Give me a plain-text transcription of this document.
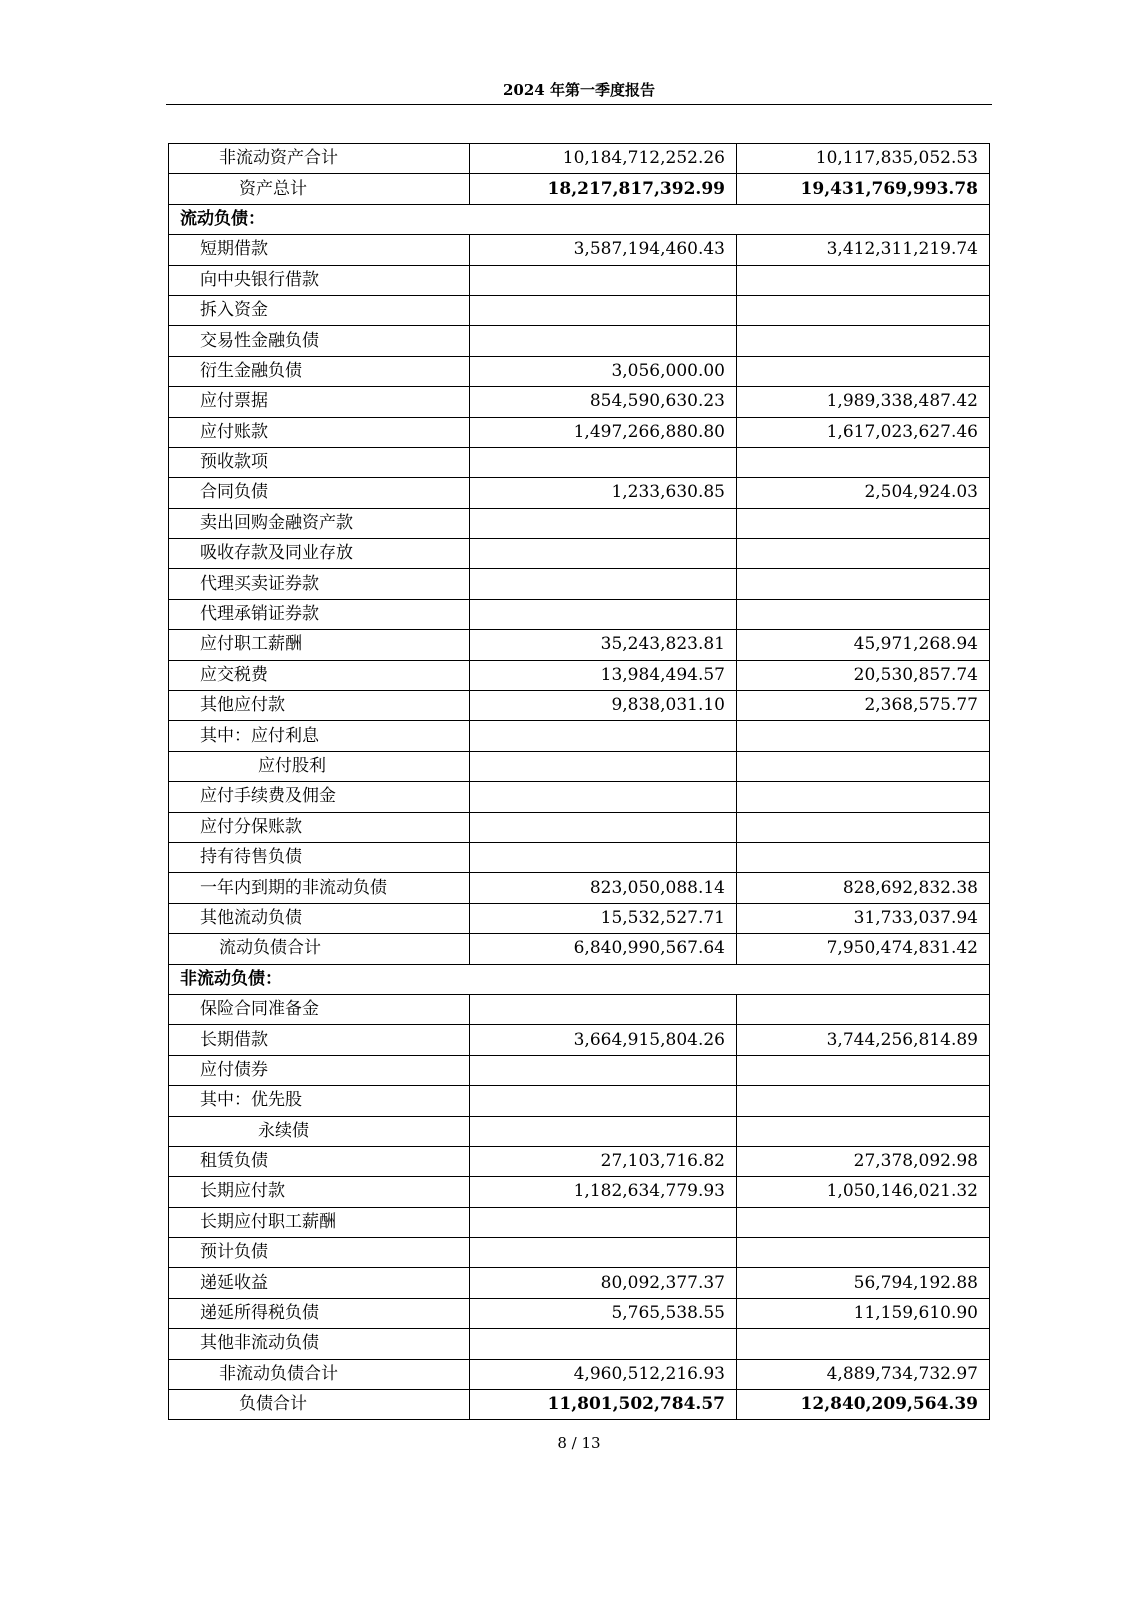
2024 年第一季度报告
非流动资产合计	10,184,712,252.26	10,117,835,052.53
资产总计	18,217,817,392.99	19,431,769,993.78
流动负债：		
短期借款	3,587,194,460.43	3,412,311,219.74
向中央银行借款		
拆入资金		
交易性金融负债		
衍生金融负债	3,056,000.00	
应付票据	854,590,630.23	1,989,338,487.42
应付账款	1,497,266,880.80	1,617,023,627.46
预收款项		
合同负债	1,233,630.85	2,504,924.03
卖出回购金融资产款		
吸收存款及同业存放		
代理买卖证券款		
代理承销证券款		
应付职工薪酬	35,243,823.81	45,971,268.94
应交税费	13,984,494.57	20,530,857.74
其他应付款	9,838,031.10	2,368,575.77
其中：应付利息		
应付股利		
应付手续费及佣金		
应付分保账款		
持有待售负债		
一年内到期的非流动负债	823,050,088.14	828,692,832.38
其他流动负债	15,532,527.71	31,733,037.94
流动负债合计	6,840,990,567.64	7,950,474,831.42
非流动负债：		
保险合同准备金		
长期借款	3,664,915,804.26	3,744,256,814.89
应付债券		
其中：优先股		
永续债		
租赁负债	27,103,716.82	27,378,092.98
长期应付款	1,182,634,779.93	1,050,146,021.32
长期应付职工薪酬		
预计负债		
递延收益	80,092,377.37	56,794,192.88
递延所得税负债	5,765,538.55	11,159,610.90
其他非流动负债		
非流动负债合计	4,960,512,216.93	4,889,734,732.97
负债合计	11,801,502,784.57	12,840,209,564.39
8 / 13
